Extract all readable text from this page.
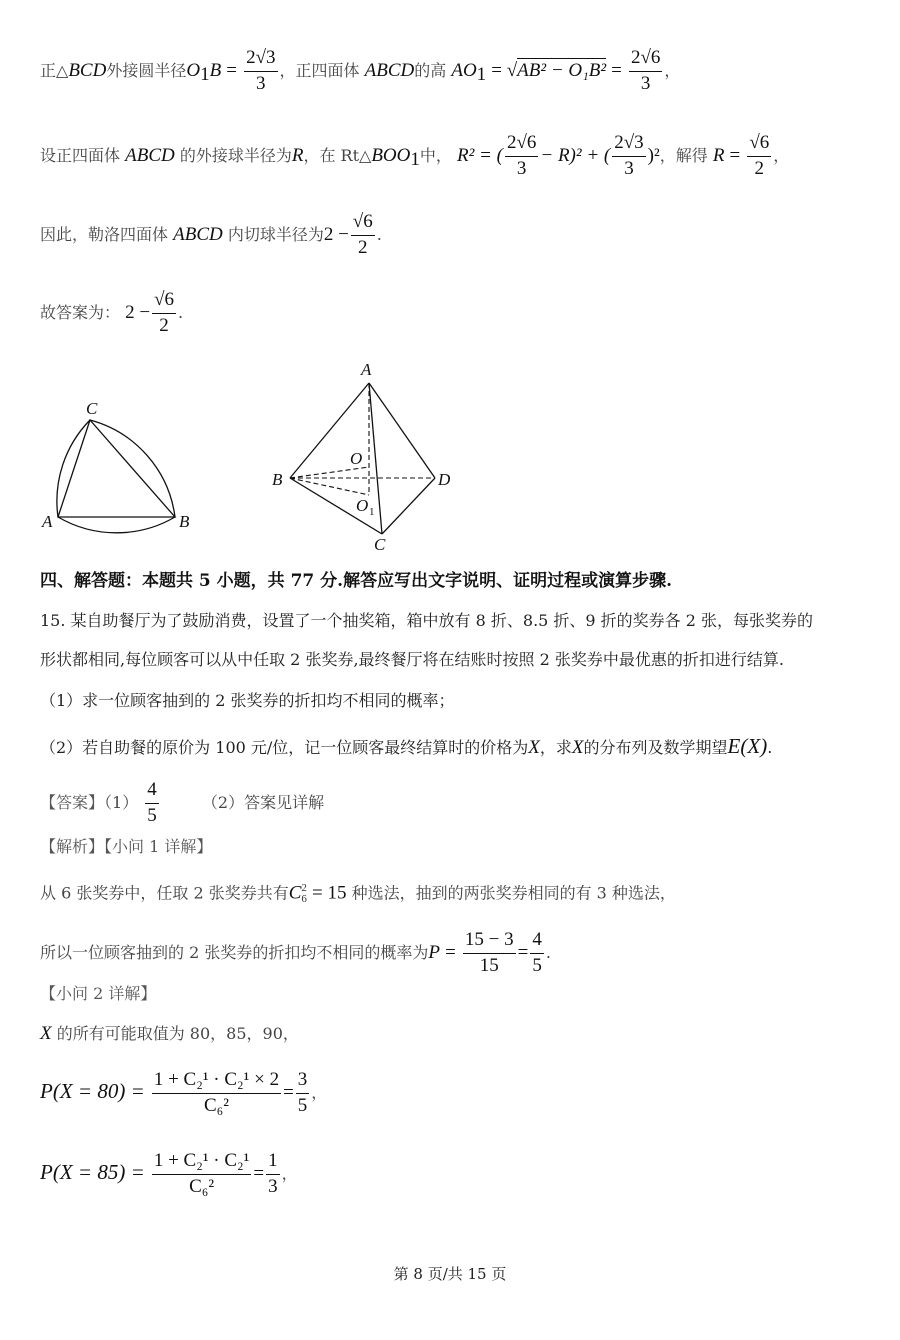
正△BCD外接圆半径$O_1B = \frac{2√3}{3}$ ，正四面体 ABCD的高 $AO_1 = √AB^2 - O_1B^2 = \frac{2√6}{3}$ ，
设正四面体 ABCD 的外接球半径为R，在 $Rt\triangle BOO_1$中， R² = ( $\frac{2√6}{3} - R)^2$ + ( $\frac{2√3}{3} )^2$，解得 $R = \frac{√6}{2}$ ，
因此，勒洛四面体 ABCD 内切球半径为$2 - \frac{√6}{2}$ .
故答案为： $2 - \frac{√6}{2}$ .
C
A	B
A
B	D
C
O
O 1
四、解答题：本题共 5 小题，共 77 分.解答应写出文字说明、证明过程或演算步骤.
15. 某自助餐厅为了鼓励消费，设置了一个抽奖箱，箱中放有 8 折、8.5 折、9 折的奖券各 2 张，每张奖券的
形状都相同,每位顾客可以从中任取 2 张奖券,最终餐厅将在结账时按照 2 张奖券中最优惠的折扣进行结算.
（1）求一位顾客抽到的 2 张奖券的折扣均不相同的概率；
（2）若自助餐的原价为 100 元/位，记一位顾客最终结算时的价格为X，求X的分布列及数学期望E(X).
【答案】$(1) \frac{4}{5}$	（2）答案见详解
【解析】【小问 1 详解】
从 6 张奖券中，任取 2 张奖券共有C 2
6 = 15 种选法，抽到的两张奖券相同的有 3 种选法，
所以一位顾客抽到的 2 张奖券的折扣均不相同的概率为$P = \frac{15 - 3}{15} = \frac{4}{5}$ .
【小问 2 详解】
X 的所有可能取值为 80，85，90，
$P(X = 80) = \frac{\text{1 + C₂¹ · C₂¹ × 2}}{\text{C₆²}} = \frac{3}{5}$ ，
$P(X = 85) = \frac{\text{1 + C₂¹ · C₂¹}}{\text{C₆²}} = \frac{1}{3}$ ，
第 8 页/共 15 页
